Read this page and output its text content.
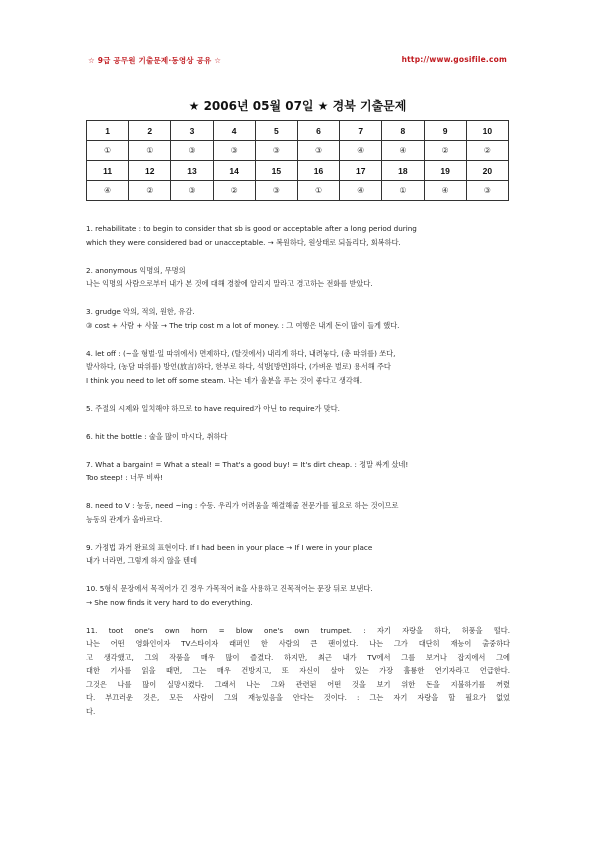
☆ 9급 공무원 기출문제·동영상 공유 ☆	http://www.gosifile.com
★ 2006년 05월 07일 ★ 경북 기출문제
1	2	3	4	5	6	7	8	9	10
①	①	③	③	③	③	④	④	②	②
11	12	13	14	15	16	17	18	19	20
④	②	③	②	③	①	④	①	④	③
1. rehabilitate : to begin to consider that sb is good or acceptable after a long period during
which they were considered bad or unacceptable. → 복원하다, 원상태로 되돌리다, 회복하다.
2. anonymous 익명의, 무명의
나는 익명의 사람으로부터 내가 본 것에 대해 경찰에 알리지 말라고 경고하는 전화를 받았다.
3. grudge 악의, 적의, 원한, 유감.
③ cost + 사람 + 사물 → The trip cost m a lot of money. : 그 여행은 내게 돈이 많이 들게 했다.
4. let off : (~을 형벌·일 따위에서) 면제하다, (탈것에서) 내리게 하다, 내려놓다, (총 따위를) 쏘다,
발사하다, (농담 따위를) 방언(放言)하다, 한부로 하다, 석방[방면]하다, (가벼운 벌로) 용서해 주다
I think you need to let off some steam. 나는 네가 울분을 푸는 것이 좋다고 생각해.
5. 주절의 시제와 일치해야 하므로 to have required가 아닌 to require가 맞다.
6. hit the bottle : 술을 많이 마시다, 취하다
7. What a bargain! = What a steal! = That's a good buy! = It's dirt cheap. : 정말 싸게 샀네!
Too steep! : 너무 비싸!
8. need to V : 능동, need ~ing : 수동. 우리가 어려움을 해결해줄 전문가를 필요로 하는 것이므로
능동의 관계가 올바르다.
9. 가정법 과거 완료의 표현이다. If I had been in your place → If I were in your place
내가 너라면, 그렇게 하지 않을 텐데
10. 5형식 문장에서 목적어가 긴 경우 가목적어 it을 사용하고 진목적어는 문장 뒤로 보낸다.
→ She now finds it very hard to do everything.
11. toot one's own horn = blow one's own trumpet. : 자기 자랑을 하다, 허풍을 떨다.
나는 어떤 영화인이자 TV스타이자 래퍼인 한 사람의 큰 팬이었다. 나는 그가 대단히 재능이 출중하다
고 생각했고, 그의 작품을 매우 많이 즐겼다. 하지만, 최근 내가 TV에서 그를 보거나 잡지에서 그에
대한 기사를 읽을 때면, 그는 매우 건방지고, 또 자신이 살아 있는 가장 훌륭한 연기자라고 언급한다.
그것은 나를 많이 실망시켰다. 그래서 나는 그와 관련된 어떤 것을 보기 위한 돈을 지불하기를 꺼렸
다. 부끄러운 것은, 모든 사람이 그의 재능있음을 안다는 것이다. : 그는 자기 자랑을 할 필요가 없었
다.
